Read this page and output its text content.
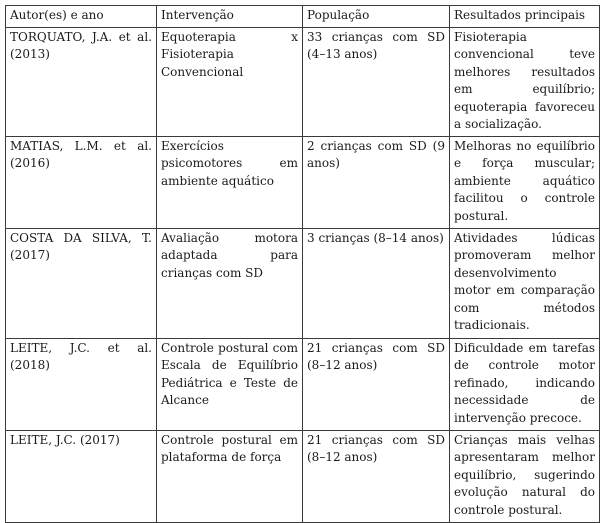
Autor(es) e ano	Intervenção	População	Resultados principais
TORQUATO, J.A. et al. (2013)	Equoterapia x Fisioterapia Convencional	33 crianças com SD (4–13 anos)	Fisioterapia convencional teve melhores resultados em equilíbrio; equoterapia favoreceu a socialização.
MATIAS, L.M. et al. (2016)	Exercícios psicomotores em ambiente aquático	2 crianças com SD (9 anos)	Melhoras no equilíbrio e força muscular; ambiente aquático facilitou o controle postural.
COSTA DA SILVA, T. (2017)	Avaliação motora adaptada para crianças com SD	3 crianças (8–14 anos)	Atividades lúdicas promoveram melhor desenvolvimento motor em comparação com métodos tradicionais.
LEITE, J.C. et al. (2018)	Controle postural com Escala de Equilíbrio Pediátrica e Teste de Alcance	21 crianças com SD (8–12 anos)	Dificuldade em tarefas de controle motor refinado, indicando necessidade de intervenção precoce.
LEITE, J.C. (2017)	Controle postural em plataforma de força	21 crianças com SD (8–12 anos)	Crianças mais velhas apresentaram melhor equilíbrio, sugerindo evolução natural do controle postural.
